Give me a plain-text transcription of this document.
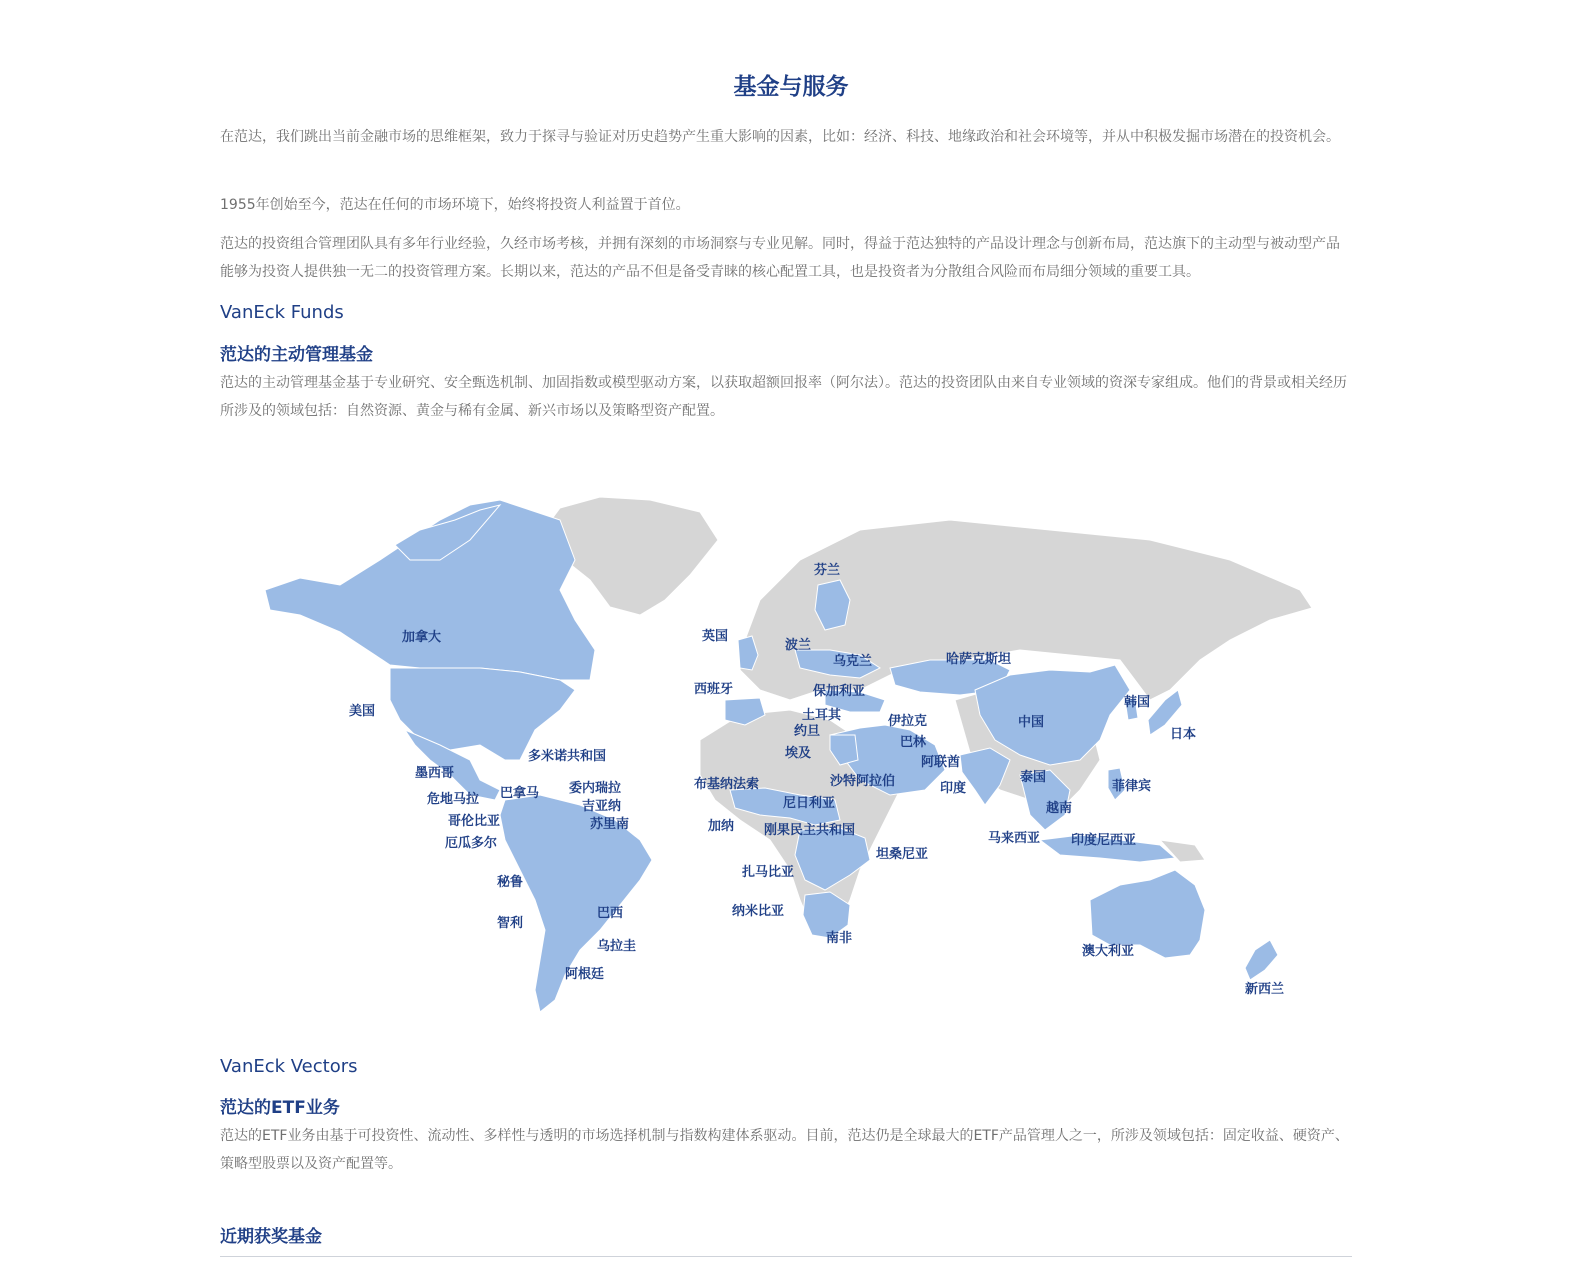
基金与服务

在范达，我们跳出当前金融市场的思维框架，致力于探寻与验证对历史趋势产生重大影响的因素，比如：经济、科技、地缘政治和社会环境等，并从中积极发掘市场潜在的投资机会。

1955年创始至今，范达在任何的市场环境下，始终将投资人利益置于首位。

范达的投资组合管理团队具有多年行业经验，久经市场考核，并拥有深刻的市场洞察与专业见解。同时，得益于范达独特的产品设计理念与创新布局，范达旗下的主动型与被动型产品能够为投资人提供独一无二的投资管理方案。长期以来，范达的产品不但是备受青睐的核心配置工具，也是投资者为分散组合风险而布局细分领域的重要工具。

VanEck Funds
范达的主动管理基金

范达的主动管理基金基于专业研究、安全甄选机制、加固指数或模型驱动方案，以获取超额回报率（阿尔法）。范达的投资团队由来自专业领域的资深专家组成。他们的背景或相关经历所涉及的领域包括：自然资源、黄金与稀有金属、新兴市场以及策略型资产配置。

加拿大
美国
墨西哥
危地马拉 巴拿马
多米诺共和国
委内瑞拉
吉亚纳
苏里南
哥伦比亚
厄瓜多尔
秘鲁
巴西
智利
乌拉圭
阿根廷
芬兰
英国
波兰
乌克兰	哈萨克斯坦
西班牙	保加利亚
土耳其
约旦
伊拉克
巴林
埃及
阿联酋
沙特阿拉伯
布基纳法索
尼日利亚
加纳 刚果民主共和国
坦桑尼亚
扎马比亚
纳米比亚
南非
中国
韩国
日本
印度
泰国
越南
菲律宾
马来西亚 印度尼西亚
澳大利亚
新西兰
VanEck Vectors
范达的ETF业务

范达的ETF业务由基于可投资性、流动性、多样性与透明的市场选择机制与指数构建体系驱动。目前，范达仍是全球最大的ETF产品管理人之一，所涉及领域包括：固定收益、硬资产、策略型股票以及资产配置等。

近期获奖基金
